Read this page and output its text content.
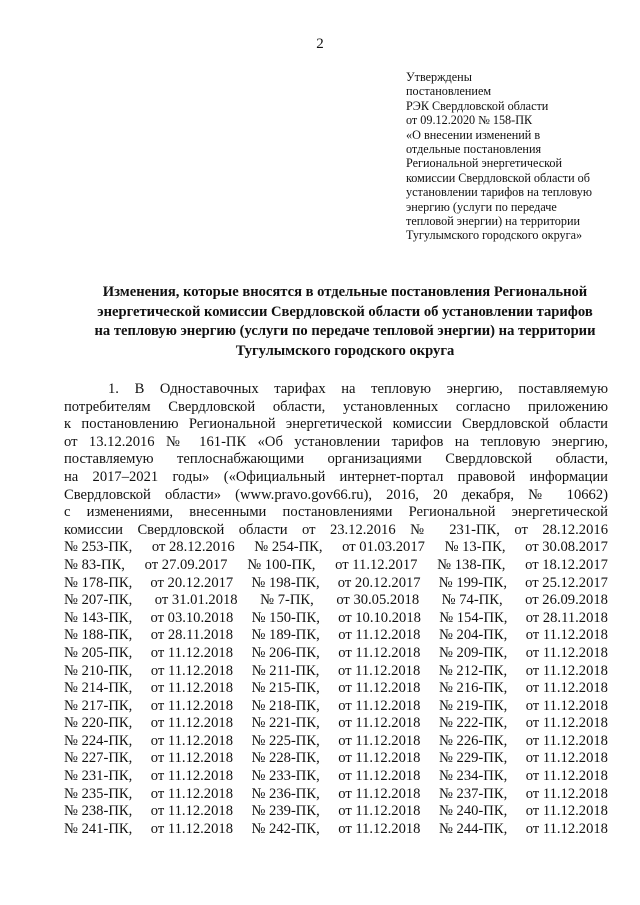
2
Утверждены
постановлением
РЭК Свердловской области
от 09.12.2020 № 158-ПК
«О внесении изменений в
отдельные постановления
Региональной энергетической
комиссии Свердловской области об
установлении тарифов на тепловую
энергию (услуги по передаче
тепловой энергии) на территории
Тугулымского городского округа»
Изменения, которые вносятся в отдельные постановления Региональной
энергетической комиссии Свердловской области об установлении тарифов
на тепловую энергию (услуги по передаче тепловой энергии) на территории
Тугулымского городского округа
1. В Одноставочных тарифах на тепловую энергию, поставляемую
потребителям Свердловской области, установленных согласно приложению
к постановлению Региональной энергетической комиссии Свердловской области
от 13.12.2016 № 161-ПК «Об установлении тарифов на тепловую энергию,
поставляемую теплоснабжающими организациями Свердловской области,
на 2017–2021 годы» («Официальный интернет-портал правовой информации
Свердловской области» (www.pravo.gov66.ru), 2016, 20 декабря, № 10662)
с изменениями, внесенными постановлениями Региональной энергетической
комиссии Свердловской области от 23.12.2016 № 231-ПК, от 28.12.2016
№ 253-ПК, от 28.12.2016 № 254-ПК, от 01.03.2017 № 13-ПК, от 30.08.2017
№ 83-ПК, от 27.09.2017 № 100-ПК, от 11.12.2017 № 138-ПК, от 18.12.2017
№ 178-ПК, от 20.12.2017 № 198-ПК, от 20.12.2017 № 199-ПК, от 25.12.2017
№ 207-ПК, от 31.01.2018 № 7-ПК, от 30.05.2018 № 74-ПК, от 26.09.2018
№ 143-ПК, от 03.10.2018 № 150-ПК, от 10.10.2018 № 154-ПК, от 28.11.2018
№ 188-ПК, от 28.11.2018 № 189-ПК, от 11.12.2018 № 204-ПК, от 11.12.2018
№ 205-ПК, от 11.12.2018 № 206-ПК, от 11.12.2018 № 209-ПК, от 11.12.2018
№ 210-ПК, от 11.12.2018 № 211-ПК, от 11.12.2018 № 212-ПК, от 11.12.2018
№ 214-ПК, от 11.12.2018 № 215-ПК, от 11.12.2018 № 216-ПК, от 11.12.2018
№ 217-ПК, от 11.12.2018 № 218-ПК, от 11.12.2018 № 219-ПК, от 11.12.2018
№ 220-ПК, от 11.12.2018 № 221-ПК, от 11.12.2018 № 222-ПК, от 11.12.2018
№ 224-ПК, от 11.12.2018 № 225-ПК, от 11.12.2018 № 226-ПК, от 11.12.2018
№ 227-ПК, от 11.12.2018 № 228-ПК, от 11.12.2018 № 229-ПК, от 11.12.2018
№ 231-ПК, от 11.12.2018 № 233-ПК, от 11.12.2018 № 234-ПК, от 11.12.2018
№ 235-ПК, от 11.12.2018 № 236-ПК, от 11.12.2018 № 237-ПК, от 11.12.2018
№ 238-ПК, от 11.12.2018 № 239-ПК, от 11.12.2018 № 240-ПК, от 11.12.2018
№ 241-ПК, от 11.12.2018 № 242-ПК, от 11.12.2018 № 244-ПК, от 11.12.2018
